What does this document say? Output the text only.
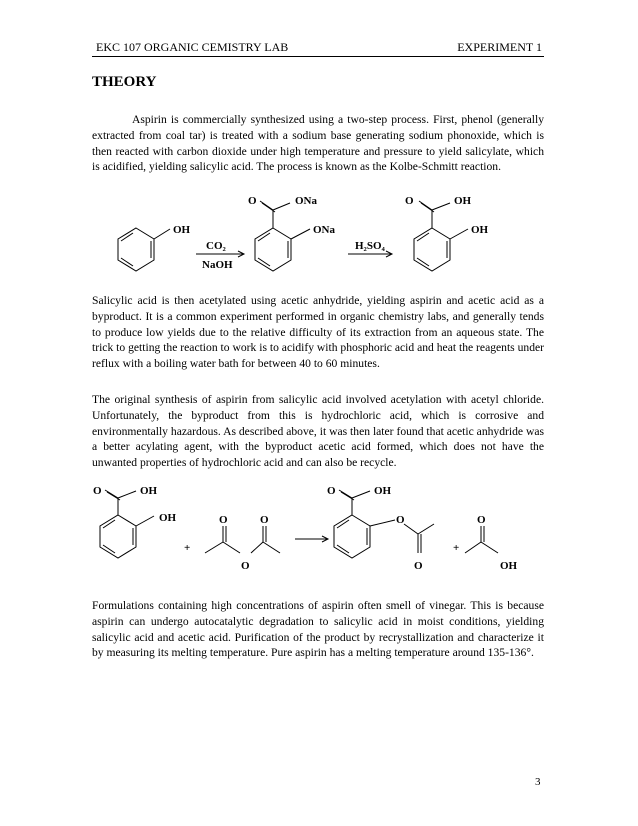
EKC 107 ORGANIC CEMISTRY LAB	EXPERIMENT 1
THEORY

Aspirin is commercially synthesized using a two-step process. First, phenol (generally extracted from coal tar) is treated with a sodium base generating sodium phonoxide, which is then reacted with carbon dioxide under high temperature and pressure to yield salicylate, which is acidified, yielding salicylic acid. The process is known as the Kolbe-Schmitt reaction.

OH
CO₂
NaOH
O	ONa
ONa
H₂SO₄
O	OH
OH

Salicylic acid is then acetylated using acetic anhydride, yielding aspirin and acetic acid as a byproduct. It is a common experiment performed in organic chemistry labs, and generally tends to produce low yields due to the relative difficulty of its extraction from an aqueous state. The trick to getting the reaction to work is to acidify with phosphoric acid and heat the reagents under reflux with a boiling water bath for between 40 to 60 minutes.

The original synthesis of aspirin from salicylic acid involved acetylation with acetyl chloride. Unfortunately, the byproduct from this is hydrochloric acid, which is corrosive and environmentally hazardous. As described above, it was then later found that acetic anhydride was a better acylating agent, with the byproduct acetic acid formed, which does not have the unwanted properties of hydrochloric acid and can also be recycle.

O	OH
OH
+
O	O
O
O	OH
O
O
+
O
OH

Formulations containing high concentrations of aspirin often smell of vinegar. This is because aspirin can undergo autocatalytic degradation to salicylic acid in moist conditions, yielding salicylic acid and acetic acid. Purification of the product by recrystallization and characterize it by measuring its melting temperature. Pure aspirin has a melting temperature around 135-136°.

3
